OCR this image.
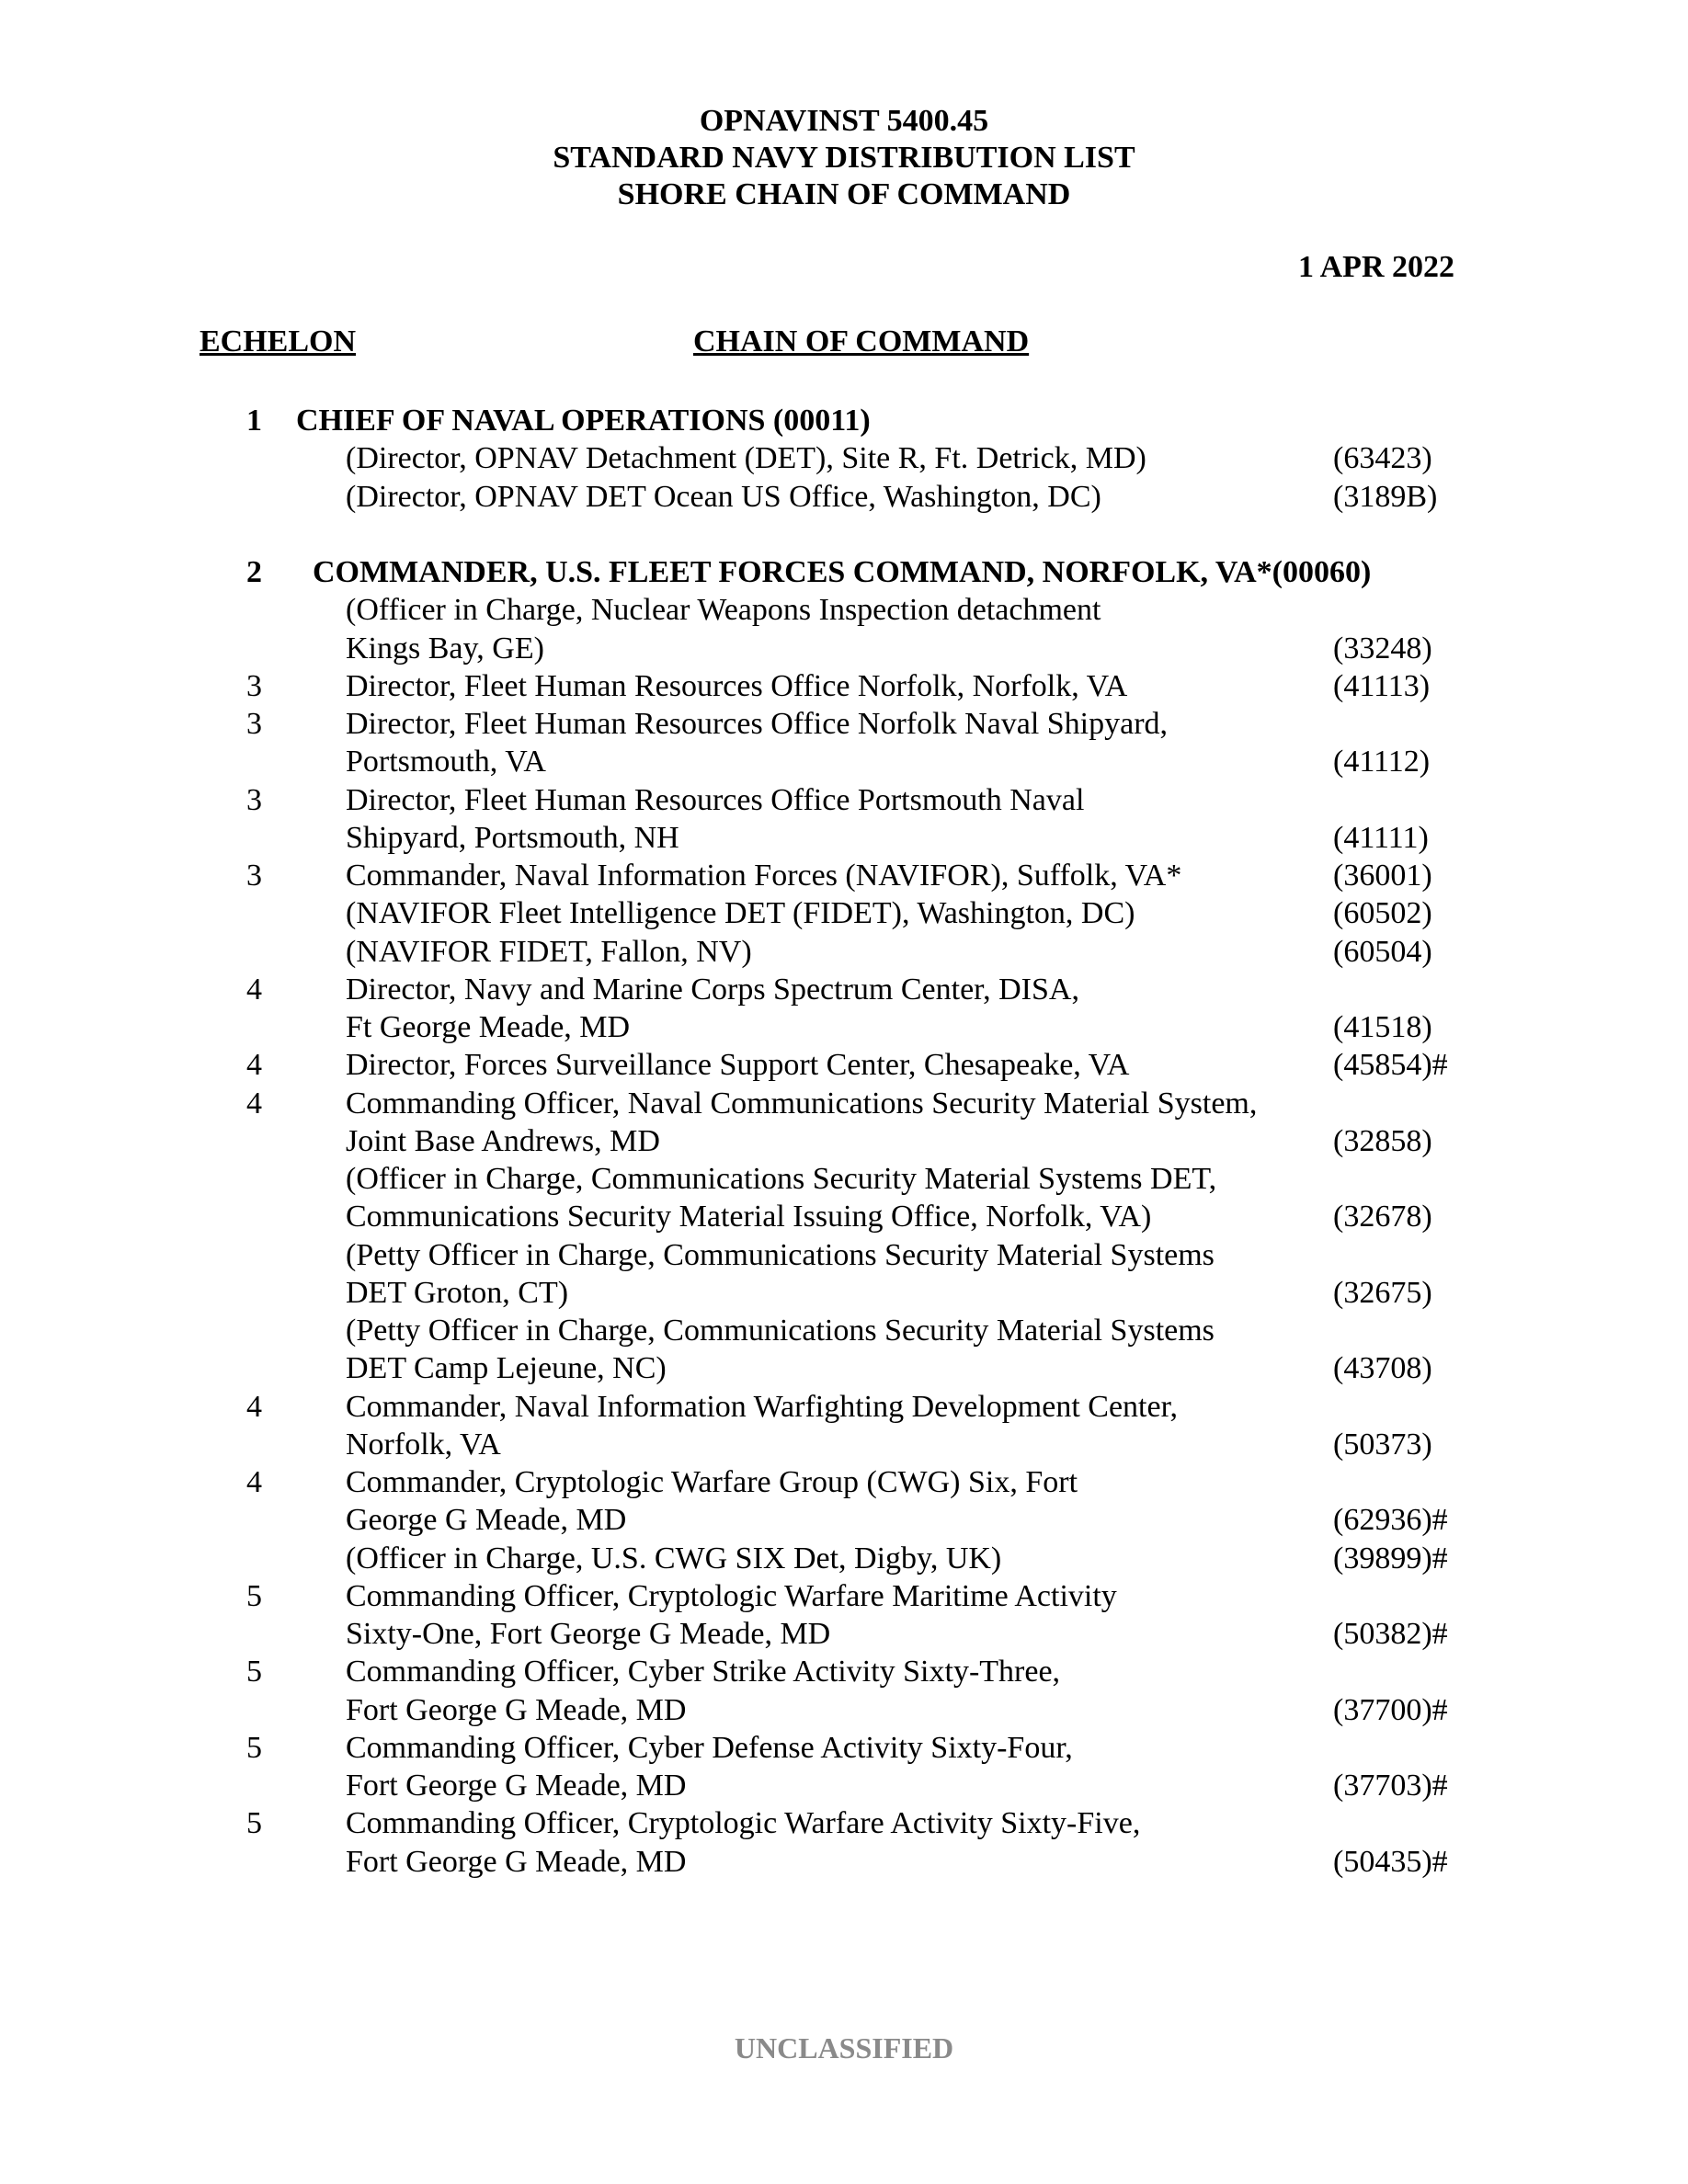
OPNAVINST 5400.45
STANDARD NAVY DISTRIBUTION LIST
SHORE CHAIN OF COMMAND
1 APR 2022
ECHELON	CHAIN OF COMMAND
1 CHIEF OF NAVAL OPERATIONS (00011)
(Director, OPNAV Detachment (DET), Site R, Ft. Detrick, MD)	(63423)
(Director, OPNAV DET Ocean US Office, Washington, DC)	(3189B)
2 COMMANDER, U.S. FLEET FORCES COMMAND, NORFOLK, VA*(00060)
(Officer in Charge, Nuclear Weapons Inspection detachment
Kings Bay, GE)	(33248)
3	Director, Fleet Human Resources Office Norfolk, Norfolk, VA	(41113)
3	Director, Fleet Human Resources Office Norfolk Naval Shipyard,
Portsmouth, VA	(41112)
3	Director, Fleet Human Resources Office Portsmouth Naval
Shipyard, Portsmouth, NH	(41111)
3	Commander, Naval Information Forces (NAVIFOR), Suffolk, VA*	(36001)
(NAVIFOR Fleet Intelligence DET (FIDET), Washington, DC)	(60502)
(NAVIFOR FIDET, Fallon, NV)	(60504)
4	Director, Navy and Marine Corps Spectrum Center, DISA,
Ft George Meade, MD	(41518)
4	Director, Forces Surveillance Support Center, Chesapeake, VA	(45854)#
4	Commanding Officer, Naval Communications Security Material System,
Joint Base Andrews, MD	(32858)
(Officer in Charge, Communications Security Material Systems DET,
Communications Security Material Issuing Office, Norfolk, VA)	(32678)
(Petty Officer in Charge, Communications Security Material Systems
DET Groton, CT)	(32675)
(Petty Officer in Charge, Communications Security Material Systems
DET Camp Lejeune, NC)	(43708)
4	Commander, Naval Information Warfighting Development Center,
Norfolk, VA	(50373)
4	Commander, Cryptologic Warfare Group (CWG) Six, Fort
George G Meade, MD	(62936)#
(Officer in Charge, U.S. CWG SIX Det, Digby, UK)	(39899)#
5	Commanding Officer, Cryptologic Warfare Maritime Activity
Sixty-One, Fort George G Meade, MD	(50382)#
5	Commanding Officer, Cyber Strike Activity Sixty-Three,
Fort George G Meade, MD	(37700)#
5	Commanding Officer, Cyber Defense Activity Sixty-Four,
Fort George G Meade, MD	(37703)#
5	Commanding Officer, Cryptologic Warfare Activity Sixty-Five,
Fort George G Meade, MD	(50435)#
UNCLASSIFIED
